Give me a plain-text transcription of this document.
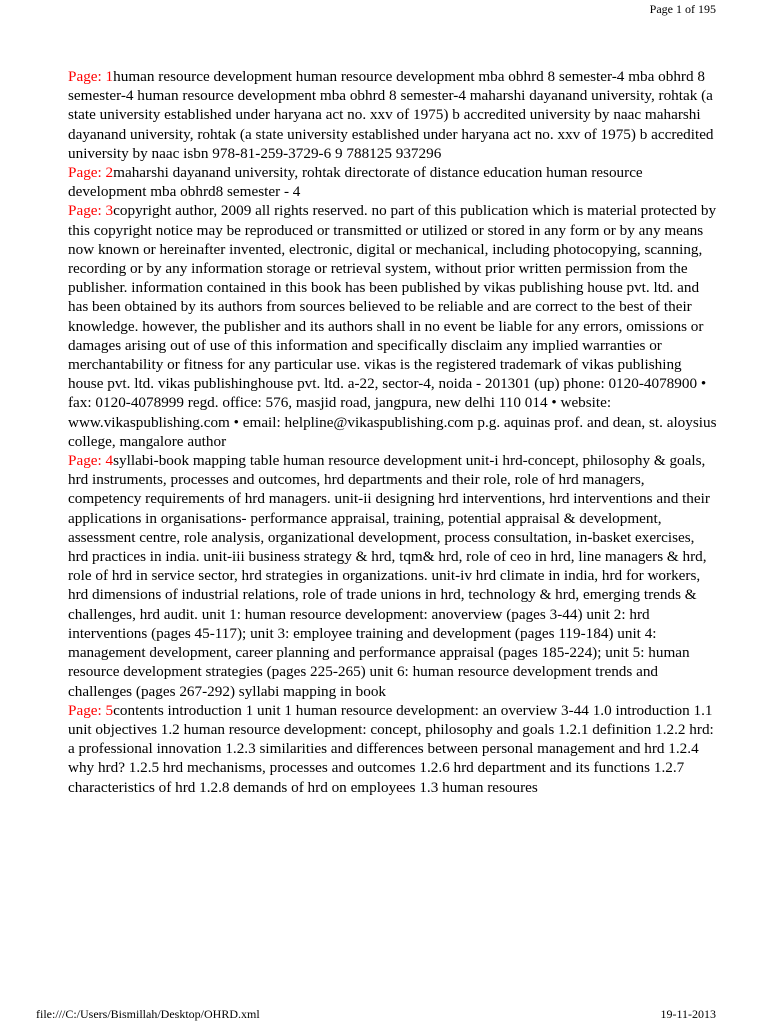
Page 1 of 195

Page: 1human resource development human resource development mba obhrd 8 semester-4 mba obhrd 8 semester-4 human resource development mba obhrd 8 semester-4 maharshi dayanand university, rohtak (a state university established under haryana act no. xxv of 1975) b accredited university by naac maharshi dayanand university, rohtak (a state university established under haryana act no. xxv of 1975) b accredited university by naac isbn 978-81-259-3729-6 9 788125 937296

Page: 2maharshi dayanand university, rohtak directorate of distance education human resource development mba obhrd8 semester - 4

Page: 3copyright author, 2009 all rights reserved. no part of this publication which is material protected by this copyright notice may be reproduced or transmitted or utilized or stored in any form or by any means now known or hereinafter invented, electronic, digital or mechanical, including photocopying, scanning, recording or by any information storage or retrieval system, without prior written permission from the publisher. information contained in this book has been published by vikas publishing house pvt. ltd. and has been obtained by its authors from sources believed to be reliable and are correct to the best of their knowledge. however, the publisher and its authors shall in no event be liable for any errors, omissions or damages arising out of use of this information and specifically disclaim any implied warranties or merchantability or fitness for any particular use. vikas is the registered trademark of vikas publishing house pvt. ltd. vikas publishinghouse pvt. ltd. a-22, sector-4, noida - 201301 (up) phone: 0120-4078900 • fax: 0120-4078999 regd. office: 576, masjid road, jangpura, new delhi 110 014 • website: www.vikaspublishing.com • email: helpline@vikaspublishing.com p.g. aquinas prof. and dean, st. aloysius college, mangalore author

Page: 4syllabi-book mapping table human resource development unit-i hrd-concept, philosophy & goals, hrd instruments, processes and outcomes, hrd departments and their role, role of hrd managers, competency requirements of hrd managers. unit-ii designing hrd interventions, hrd interventions and their applications in organisations- performance appraisal, training, potential appraisal & development, assessment centre, role analysis, organizational development, process consultation, in-basket exercises, hrd practices in india. unit-iii business strategy & hrd, tqm& hrd, role of ceo in hrd, line managers & hrd, role of hrd in service sector, hrd strategies in organizations. unit-iv hrd climate in india, hrd for workers, hrd dimensions of industrial relations, role of trade unions in hrd, technology & hrd, emerging trends & challenges, hrd audit. unit 1: human resource development: anoverview (pages 3-44) unit 2: hrd interventions (pages 45-117); unit 3: employee training and development (pages 119-184) unit 4: management development, career planning and performance appraisal (pages 185-224); unit 5: human resource development strategies (pages 225-265) unit 6: human resource development trends and challenges (pages 267-292) syllabi mapping in book

Page: 5contents introduction 1 unit 1 human resource development: an overview 3-44 1.0 introduction 1.1 unit objectives 1.2 human resource development: concept, philosophy and goals 1.2.1 definition 1.2.2 hrd: a professional innovation 1.2.3 similarities and differences between personal management and hrd 1.2.4 why hrd? 1.2.5 hrd mechanisms, processes and outcomes 1.2.6 hrd department and its functions 1.2.7 characteristics of hrd 1.2.8 demands of hrd on employees 1.3 human resoures

file:///C:/Users/Bismillah/Desktop/OHRD.xml	19-11-2013
